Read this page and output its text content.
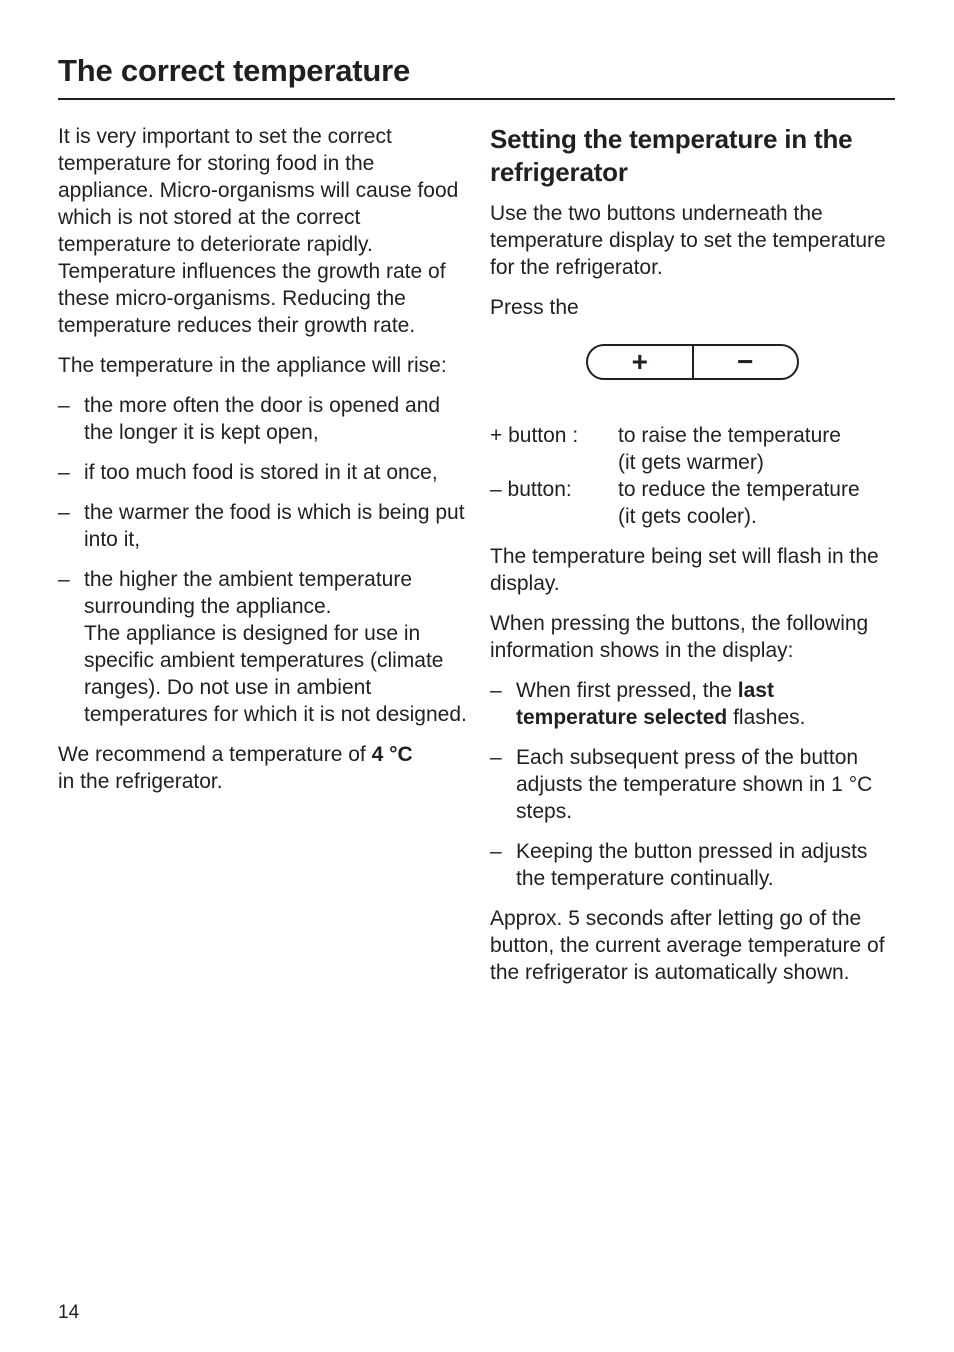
The correct temperature

It is very important to set the correct temperature for storing food in the appliance. Micro-organisms will cause food which is not stored at the correct temperature to deteriorate rapidly. Temperature influences the growth rate of these micro-organisms. Reducing the temperature reduces their growth rate.

The temperature in the appliance will rise:

– the more often the door is opened and the longer it is kept open,
– if too much food is stored in it at once,
– the warmer the food is which is being put into it,
– the higher the ambient temperature surrounding the appliance.
The appliance is designed for use in specific ambient temperatures (climate ranges). Do not use in ambient temperatures for which it is not designed.

We recommend a temperature of 4 °C
in the refrigerator.

Setting the temperature in the refrigerator

Use the two buttons underneath the temperature display to set the temperature for the refrigerator.

Press the

+	−
+ button :	to raise the temperature
(it gets warmer)
– button:	to reduce the temperature
(it gets cooler).

The temperature being set will flash in the display.

When pressing the buttons, the following information shows in the display:

– When first pressed, the last temperature selected flashes.
– Each subsequent press of the button adjusts the temperature shown in 1 °C steps.
– Keeping the button pressed in adjusts the temperature continually.

Approx. 5 seconds after letting go of the button, the current average temperature of the refrigerator is automatically shown.

14
